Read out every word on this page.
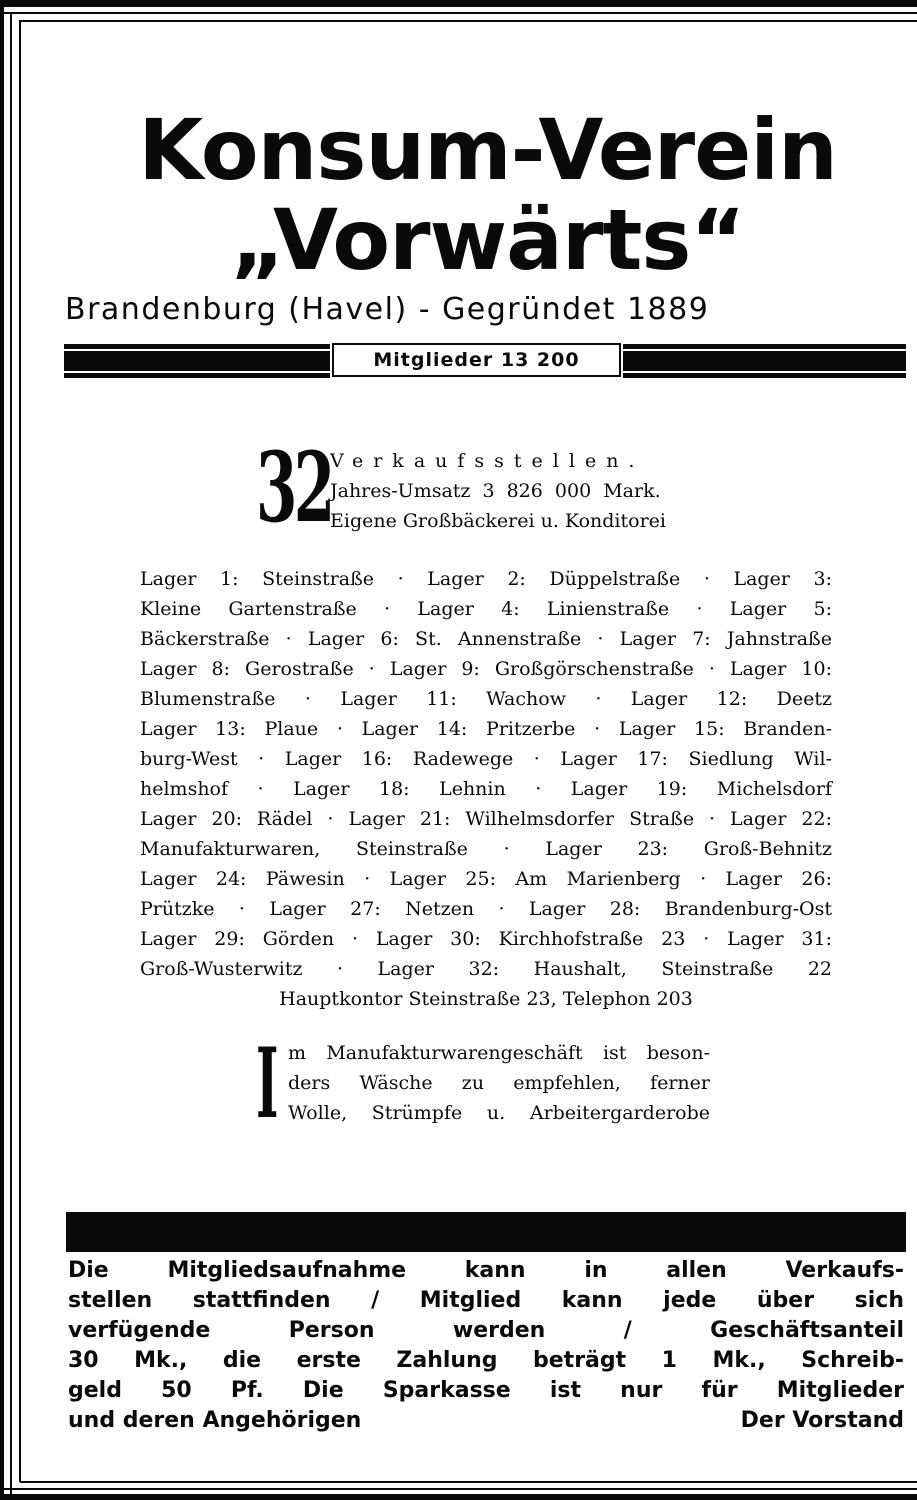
Konsum-Verein
„Vorwärts“
Brandenburg (Havel) - Gegründet 1889
Mitglieder 13 200
32
Verkaufsstellen.
Jahres-Umsatz 3 826 000 Mark.
Eigene Großbäckerei u. Konditorei
Lager 1: Steinstraße · Lager 2: Düppelstraße · Lager 3:
Kleine Gartenstraße · Lager 4: Linienstraße · Lager 5:
Bäckerstraße · Lager 6: St. Annenstraße · Lager 7: Jahnstraße
Lager 8: Gerostraße · Lager 9: Großgörschenstraße · Lager 10:
Blumenstraße · Lager 11: Wachow · Lager 12: Deetz
Lager 13: Plaue · Lager 14: Pritzerbe · Lager 15: Branden-
burg-West · Lager 16: Radewege · Lager 17: Siedlung Wil-
helmshof · Lager 18: Lehnin · Lager 19: Michelsdorf
Lager 20: Rädel · Lager 21: Wilhelmsdorfer Straße · Lager 22:
Manufakturwaren, Steinstraße · Lager 23: Groß-Behnitz
Lager 24: Päwesin · Lager 25: Am Marienberg · Lager 26:
Prützke · Lager 27: Netzen · Lager 28: Brandenburg-Ost
Lager 29: Görden · Lager 30: Kirchhofstraße 23 · Lager 31:
Groß-Wusterwitz · Lager 32: Haushalt, Steinstraße 22
Hauptkontor Steinstraße 23, Telephon 203
I m Manufakturwarengeschäft ist beson-
ders Wäsche zu empfehlen, ferner
Wolle, Strümpfe u. Arbeitergarderobe
Die Mitgliedsaufnahme kann in allen Verkaufs-
stellen stattfinden / Mitglied kann jede über sich
verfügende Person werden / Geschäftsanteil
30 Mk., die erste Zahlung beträgt 1 Mk., Schreib-
geld 50 Pf. Die Sparkasse ist nur für Mitglieder
und deren Angehörigen	Der Vorstand
